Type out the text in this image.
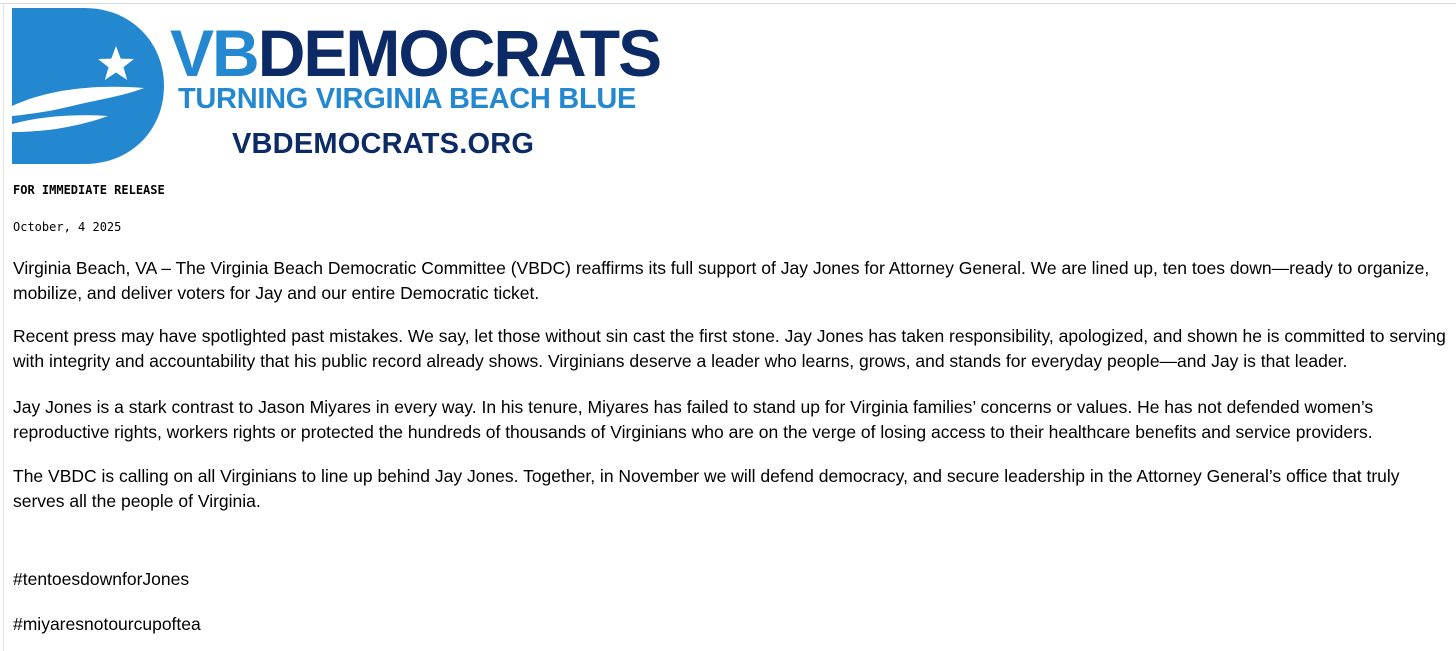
VBDEMOCRATS
TURNING VIRGINIA BEACH BLUE
VBDEMOCRATS.ORG
FOR IMMEDIATE RELEASE
October, 4 2025

Virginia Beach, VA – The Virginia Beach Democratic Committee (VBDC) reaffirms its full support of Jay Jones for Attorney General. We are lined up, ten toes down—ready to organize, mobilize, and deliver voters for Jay and our entire Democratic ticket.

Recent press may have spotlighted past mistakes. We say, let those without sin cast the first stone. Jay Jones has taken responsibility, apologized, and shown he is committed to serving with integrity and accountability that his public record already shows. Virginians deserve a leader who learns, grows, and stands for everyday people—and Jay is that leader.

Jay Jones is a stark contrast to Jason Miyares in every way. In his tenure, Miyares has failed to stand up for Virginia families’ concerns or values. He has not defended women’s reproductive rights, workers rights or protected the hundreds of thousands of Virginians who are on the verge of losing access to their healthcare benefits and service providers.

The VBDC is calling on all Virginians to line up behind Jay Jones. Together, in November we will defend democracy, and secure leadership in the Attorney General’s office that truly serves all the people of Virginia.

#tentoesdownforJones

#miyaresnotourcupoftea
